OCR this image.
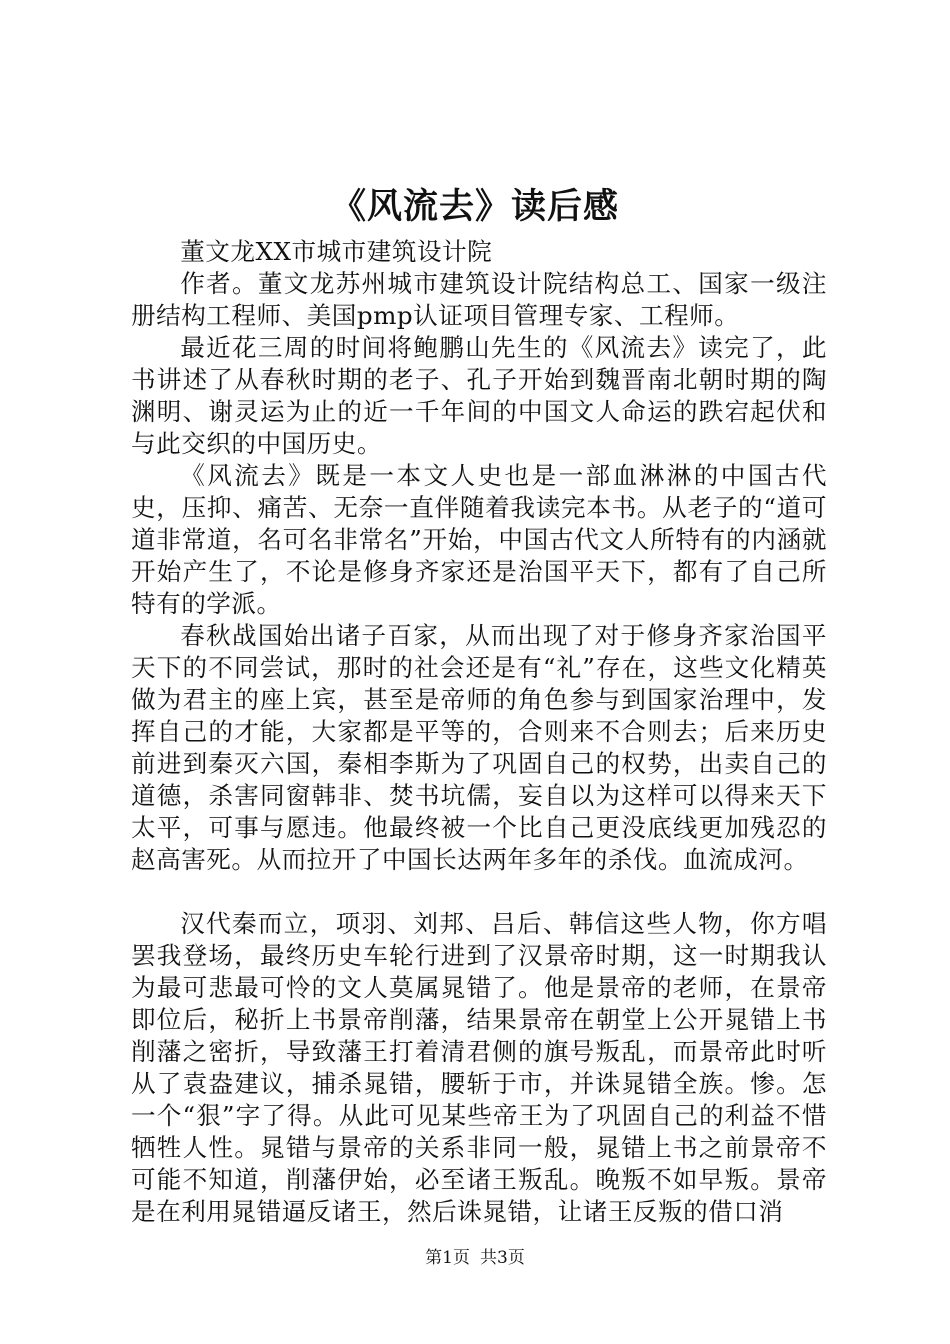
《风流去》读后感

董文龙XX市城市建筑设计院

作者。董文龙苏州城市建筑设计院结构总工、国家一级注册结构工程师、美国pmp认证项目管理专家、工程师。

最近花三周的时间将鲍鹏山先生的《风流去》读完了，此书讲述了从春秋时期的老子、孔子开始到魏晋南北朝时期的陶渊明、谢灵运为止的近一千年间的中国文人命运的跌宕起伏和与此交织的中国历史。

《风流去》既是一本文人史也是一部血淋淋的中国古代史，压抑、痛苦、无奈一直伴随着我读完本书。从老子的“道可道非常道，名可名非常名”开始，中国古代文人所特有的内涵就开始产生了，不论是修身齐家还是治国平天下，都有了自己所特有的学派。

春秋战国始出诸子百家，从而出现了对于修身齐家治国平天下的不同尝试，那时的社会还是有“礼”存在，这些文化精英做为君主的座上宾，甚至是帝师的角色参与到国家治理中，发挥自己的才能，大家都是平等的，合则来不合则去；后来历史前进到秦灭六国，秦相李斯为了巩固自己的权势，出卖自己的道德，杀害同窗韩非、焚书坑儒，妄自以为这样可以得来天下太平，可事与愿违。他最终被一个比自己更没底线更加残忍的赵高害死。从而拉开了中国长达两年多年的杀伐。血流成河。

汉代秦而立，项羽、刘邦、吕后、韩信这些人物，你方唱罢我登场，最终历史车轮行进到了汉景帝时期，这一时期我认为最可悲最可怜的文人莫属晁错了。他是景帝的老师，在景帝即位后，秘折上书景帝削藩，结果景帝在朝堂上公开晁错上书削藩之密折，导致藩王打着清君侧的旗号叛乱，而景帝此时听从了袁盎建议，捕杀晁错，腰斩于市，并诛晁错全族。惨。怎一个“狠”字了得。从此可见某些帝王为了巩固自己的利益不惜牺牲人性。晁错与景帝的关系非同一般，晁错上书之前景帝不可能不知道，削藩伊始，必至诸王叛乱。晚叛不如早叛。景帝是在利用晁错逼反诸王，然后诛晁错，让诸王反叛的借口消

第1页 共3页
